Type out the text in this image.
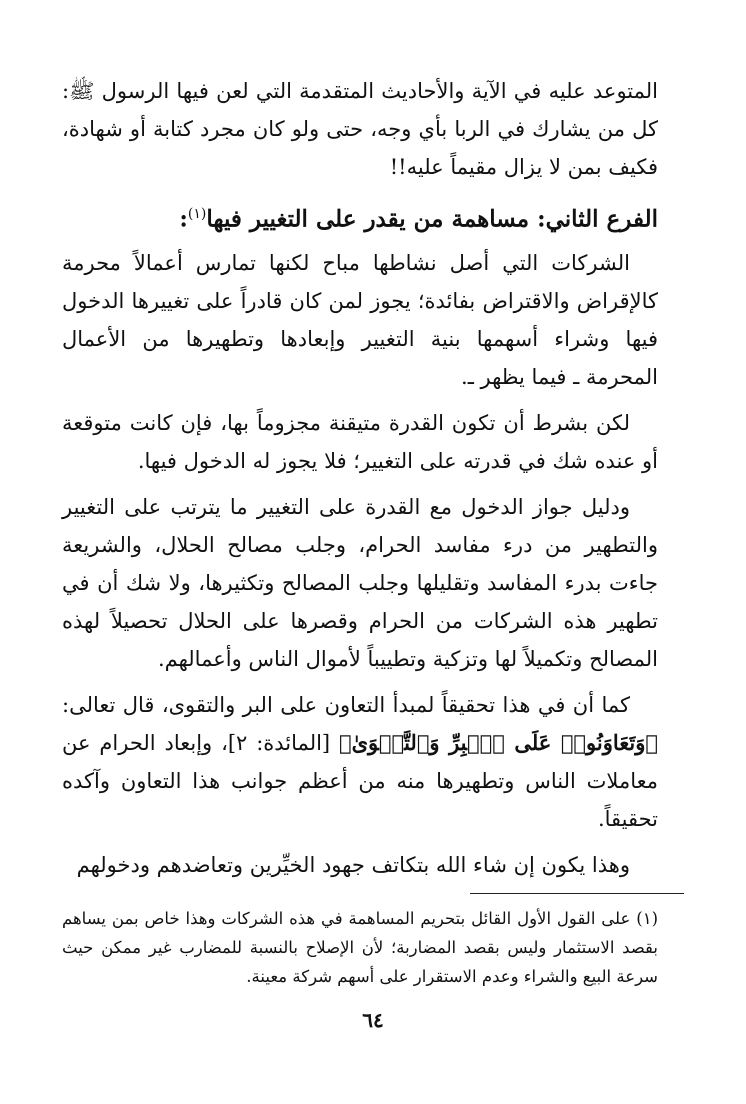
المتوعد عليه في الآية والأحاديث المتقدمة التي لعن فيها الرسول ﷺ: كل من يشارك في الربا بأي وجه، حتى ولو كان مجرد كتابة أو شهادة، فكيف بمن لا يزال مقيماً عليه!!

الفرع الثاني: مساهمة من يقدر على التغيير فيها$^{(١)}$:

الشركات التي أصل نشاطها مباح لكنها تمارس أعمالاً محرمة كالإقراض والاقتراض بفائدة؛ يجوز لمن كان قادراً على تغييرها الدخول فيها وشراء أسهمها بنية التغيير وإبعادها وتطهيرها من الأعمال المحرمة ـ فيما يظهر ـ.

لكن بشرط أن تكون القدرة متيقنة مجزوماً بها، فإن كانت متوقعة أو عنده شك في قدرته على التغيير؛ فلا يجوز له الدخول فيها.

ودليل جواز الدخول مع القدرة على التغيير ما يترتب على التغيير والتطهير من درء مفاسد الحرام، وجلب مصالح الحلال، والشريعة جاءت بدرء المفاسد وتقليلها وجلب المصالح وتكثيرها، ولا شك أن في تطهير هذه الشركات من الحرام وقصرها على الحلال تحصيلاً لهذه المصالح وتكميلاً لها وتزكية وتطييباً لأموال الناس وأعمالهم.

كما أن في هذا تحقيقاً لمبدأ التعاون على البر والتقوى، قال تعالى: ﴿وَتَعَاوَنُوا۟ عَلَى ٱلۡبِرِّ وَٱلتَّقۡوَىٰ﴾ [المائدة: ٢]، وإبعاد الحرام عن معاملات الناس وتطهيرها منه من أعظم جوانب هذا التعاون وآكده تحقيقاً.

وهذا يكون إن شاء الله بتكاتف جهود الخيِّرين وتعاضدهم ودخولهم

(١) على القول الأول القائل بتحريم المساهمة في هذه الشركات وهذا خاص بمن يساهم بقصد الاستثمار وليس بقصد المضاربة؛ لأن الإصلاح بالنسبة للمضارب غير ممكن حيث سرعة البيع والشراء وعدم الاستقرار على أسهم شركة معينة.
٦٤
